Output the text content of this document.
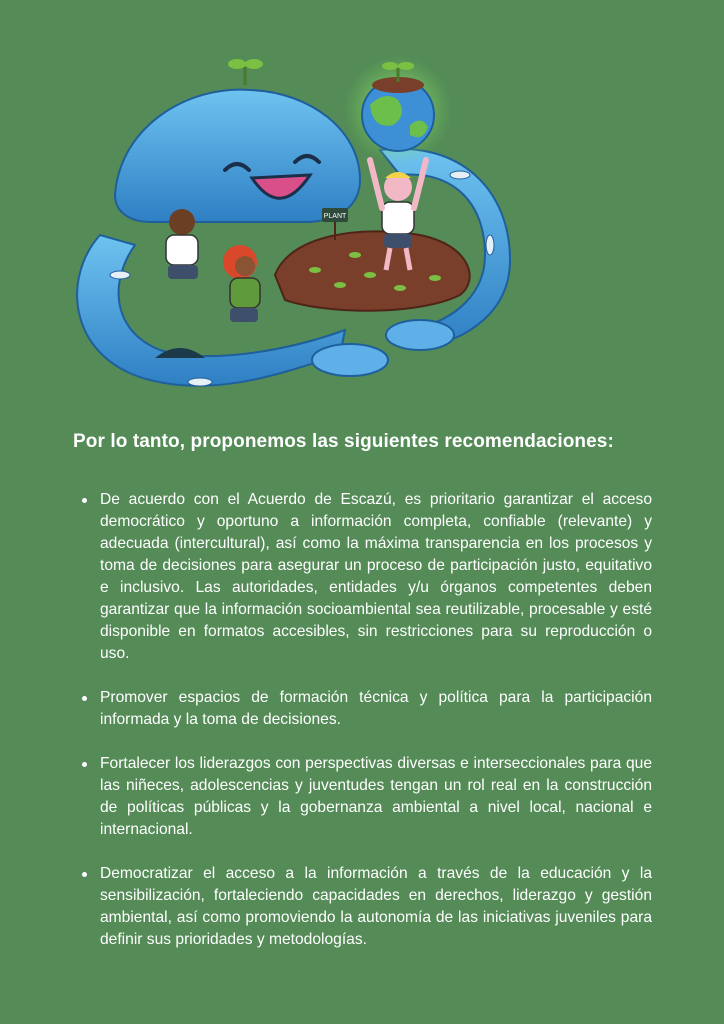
PLANT
Por lo tanto, proponemos las siguientes recomendaciones:
De acuerdo con el Acuerdo de Escazú, es prioritario garantizar el acceso democrático y oportuno a información completa, confiable (relevante) y adecuada (intercultural), así como la máxima transparencia en los procesos y toma de decisiones para asegurar un proceso de participación justo, equitativo e inclusivo. Las autoridades, entidades y/u órganos competentes deben garantizar que la información socioambiental sea reutilizable, procesable y esté disponible en formatos accesibles, sin restricciones para su reproducción o uso.
Promover espacios de formación técnica y política para la participación informada y la toma de decisiones.
Fortalecer los liderazgos con perspectivas diversas e interseccionales para que las niñeces, adolescencias y juventudes tengan un rol real en la construcción de políticas públicas y la gobernanza ambiental a nivel local, nacional e internacional.
Democratizar el acceso a la información a través de la educación y la sensibilización, fortaleciendo capacidades en derechos, liderazgo y gestión ambiental, así como promoviendo la autonomía de las iniciativas juveniles para definir sus prioridades y metodologías.
